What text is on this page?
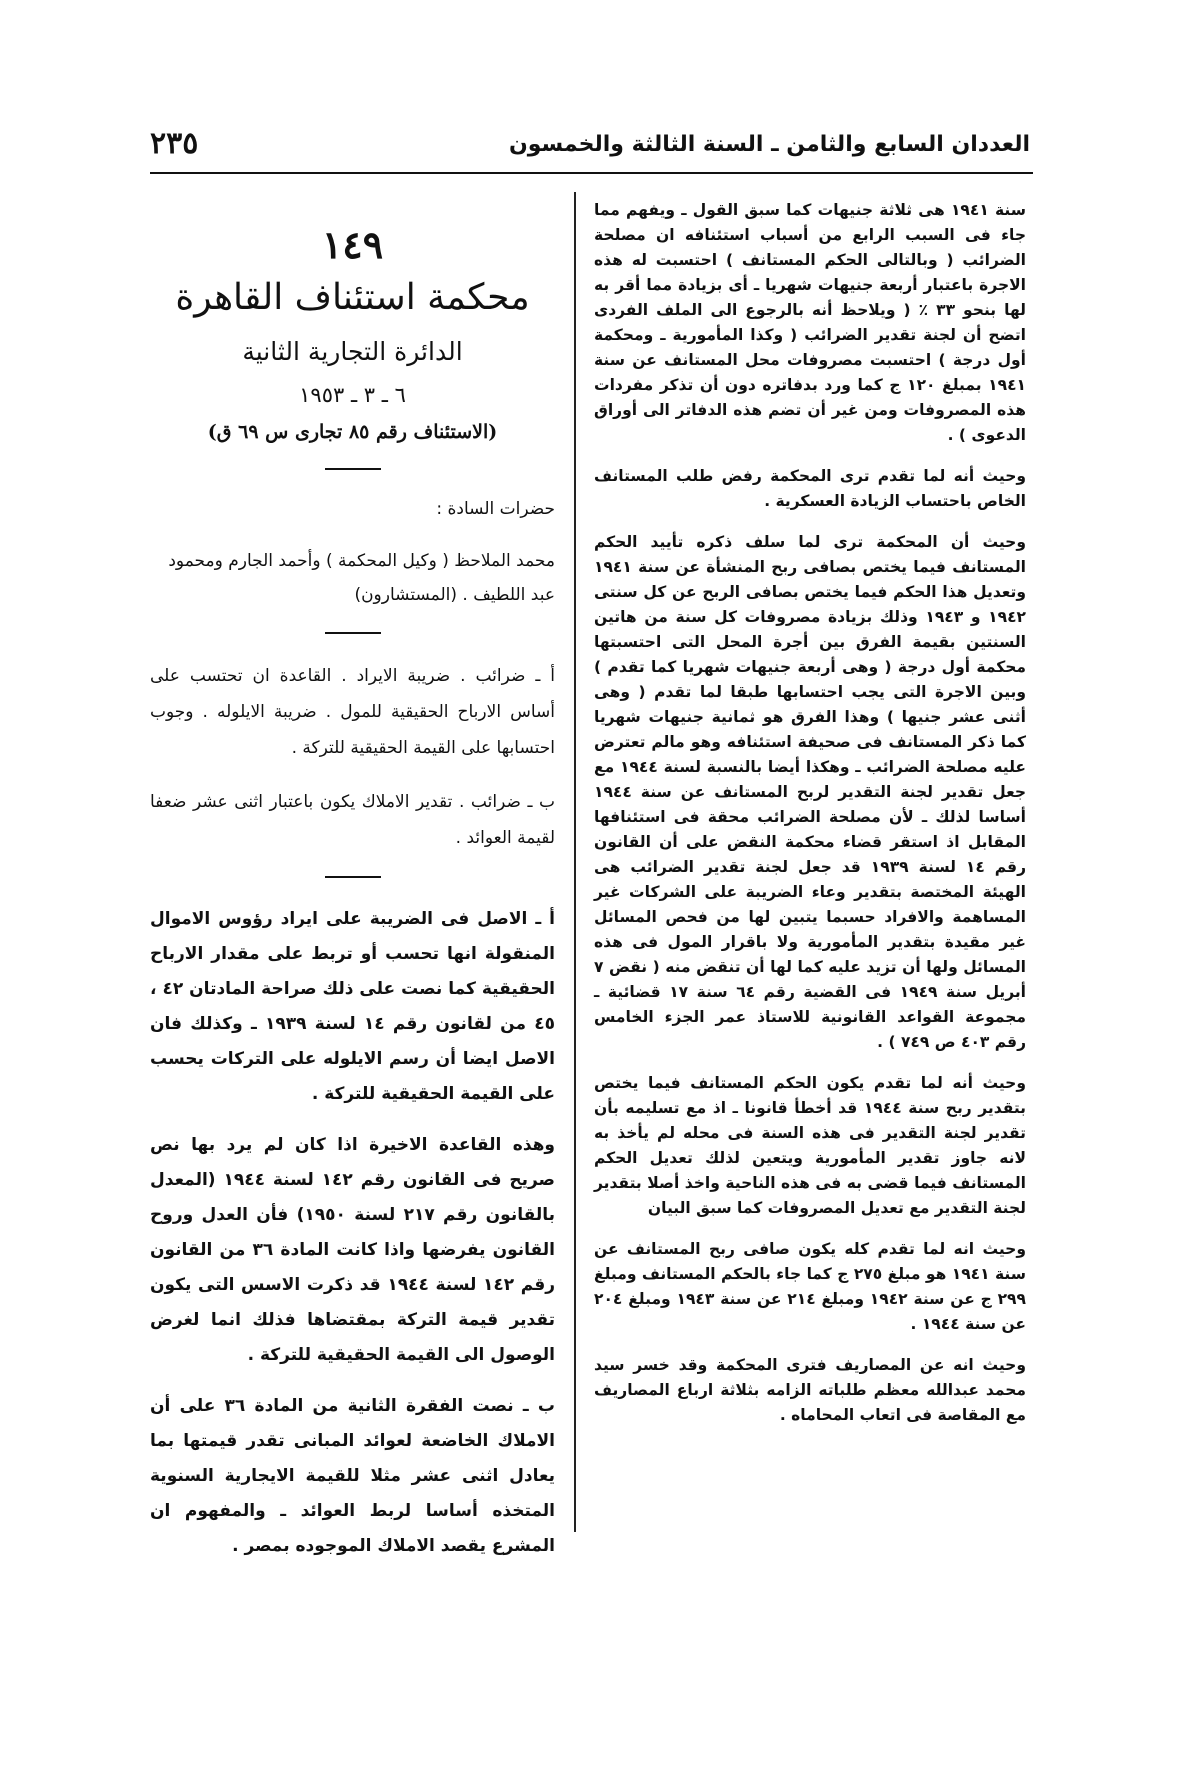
٢٣٥	العددان السابع والثامن ـ السنة الثالثة والخمسون

سنة ١٩٤١ هى ثلاثة جنيهات كما سبق القول ـ ويفهم مما جاء فى السبب الرابع من أسباب استئنافه ان مصلحة الضرائب ( وبالتالى الحكم المستانف ) احتسبت له هذه الاجرة باعتبار أربعة جنيهات شهريا ـ أى بزيادة مما أقر به لها بنحو ٣٣ ٪ ( ويلاحظ أنه بالرجوع الى الملف الفردى اتضح أن لجنة تقدير الضرائب ( وكذا المأمورية ـ ومحكمة أول درجة ) احتسبت مصروفات محل المستانف عن سنة ١٩٤١ بمبلغ ١٢٠ ج كما ورد بدفاتره دون أن تذكر مفردات هذه المصروفات ومن غير أن تضم هذه الدفاتر الى أوراق الدعوى ) .

وحيث أنه لما تقدم ترى المحكمة رفض طلب المستانف الخاص باحتساب الزيادة العسكرية .

وحيث أن المحكمة ترى لما سلف ذكره تأييد الحكم المستانف فيما يختص بصافى ربح المنشأة عن سنة ١٩٤١ وتعديل هذا الحكم فيما يختص بصافى الربح عن كل سنتى ١٩٤٢ و ١٩٤٣ وذلك بزيادة مصروفات كل سنة من هاتين السنتين بقيمة الفرق بين أجرة المحل التى احتسبتها محكمة أول درجة ( وهى أربعة جنيهات شهريا كما تقدم ) وبين الاجرة التى يجب احتسابها طبقا لما تقدم ( وهى أثنى عشر جنيها ) وهذا الفرق هو ثمانية جنيهات شهريا كما ذكر المستانف فى صحيفة استئنافه وهو مالم تعترض عليه مصلحة الضرائب ـ وهكذا أيضا بالنسبة لسنة ١٩٤٤ مع جعل تقدير لجنة التقدير لربح المستانف عن سنة ١٩٤٤ أساسا لذلك ـ لأن مصلحة الضرائب محقة فى استئنافها المقابل اذ استقر قضاء محكمة النقض على أن القانون رقم ١٤ لسنة ١٩٣٩ قد جعل لجنة تقدير الضرائب هى الهيئة المختصة بتقدير وعاء الضريبة على الشركات غير المساهمة والافراد حسبما يتبين لها من فحص المسائل غير مقيدة بتقدير المأمورية ولا باقرار المول فى هذه المسائل ولها أن تزيد عليه كما لها أن تنقض منه ( نقض ٧ أبريل سنة ١٩٤٩ فى القضية رقم ٦٤ سنة ١٧ قضائية ـ مجموعة القواعد القانونية للاستاذ عمر الجزء الخامس رقم ٤٠٣ ص ٧٤٩ ) .

وحيث أنه لما تقدم يكون الحكم المستانف فيما يختص بتقدير ربح سنة ١٩٤٤ قد أخطأ قانونا ـ اذ مع تسليمه بأن تقدير لجنة التقدير فى هذه السنة فى محله لم يأخذ به لانه جاوز تقدير المأمورية ويتعين لذلك تعديل الحكم المستانف فيما قضى به فى هذه الناحية واخذ أصلا بتقدير لجنة التقدير مع تعديل المصروفات كما سبق البيان

وحيث انه لما تقدم كله يكون صافى ربح المستانف عن سنة ١٩٤١ هو مبلغ ٢٧٥ ج كما جاء بالحكم المستانف ومبلغ ٢٩٩ ج عن سنة ١٩٤٢ ومبلغ ٢١٤ عن سنة ١٩٤٣ ومبلغ ٢٠٤ عن سنة ١٩٤٤ .

وحيث انه عن المصاريف فترى المحكمة وقد خسر سيد محمد عبدالله معظم طلباته الزامه بثلاثة ارباع المصاريف مع المقاصة فى اتعاب المحاماه .

١٤٩
محكمة استئناف القاهرة
الدائرة التجارية الثانية
٦ ـ ٣ ـ ١٩٥٣
(الاستئناف رقم ٨٥ تجارى س ٦٩ ق)
حضرات السادة :
محمد الملاحظ ( وكيل المحكمة ) وأحمد الجارم ومحمود
عبد اللطيف . (المستشارون)
أ ـ ضرائب . ضريبة الايراد . القاعدة ان تحتسب على أساس الارباح الحقيقية للمول . ضريبة الايلوله . وجوب احتسابها على القيمة الحقيقية للتركة .
ب ـ ضرائب . تقدير الاملاك يكون باعتبار اثنى عشر ضعفا لقيمة العوائد .
أ ـ الاصل فى الضريبة على ايراد رؤوس الاموال المنقولة انها تحسب أو تربط على مقدار الارباح الحقيقية كما نصت على ذلك صراحة المادتان ٤٢ ، ٤٥ من لقانون رقم ١٤ لسنة ١٩٣٩ ـ وكذلك فان الاصل ايضا أن رسم الايلوله على التركات يحسب على القيمة الحقيقية للتركة .
وهذه القاعدة الاخيرة اذا كان لم يرد بها نص صريح فى القانون رقم ١٤٢ لسنة ١٩٤٤ (المعدل بالقانون رقم ٢١٧ لسنة ١٩٥٠) فأن العدل وروح القانون يفرضها واذا كانت المادة ٣٦ من القانون رقم ١٤٢ لسنة ١٩٤٤ قد ذكرت الاسس التى يكون تقدير قيمة التركة بمقتضاها فذلك انما لغرض الوصول الى القيمة الحقيقية للتركة .
ب ـ نصت الفقرة الثانية من المادة ٣٦ على أن الاملاك الخاضعة لعوائد المبانى تقدر قيمتها بما يعادل اثنى عشر مثلا للقيمة الايجارية السنوية المتخذه أساسا لربط العوائد ـ والمفهوم ان المشرع يقصد الاملاك الموجوده بمصر .
